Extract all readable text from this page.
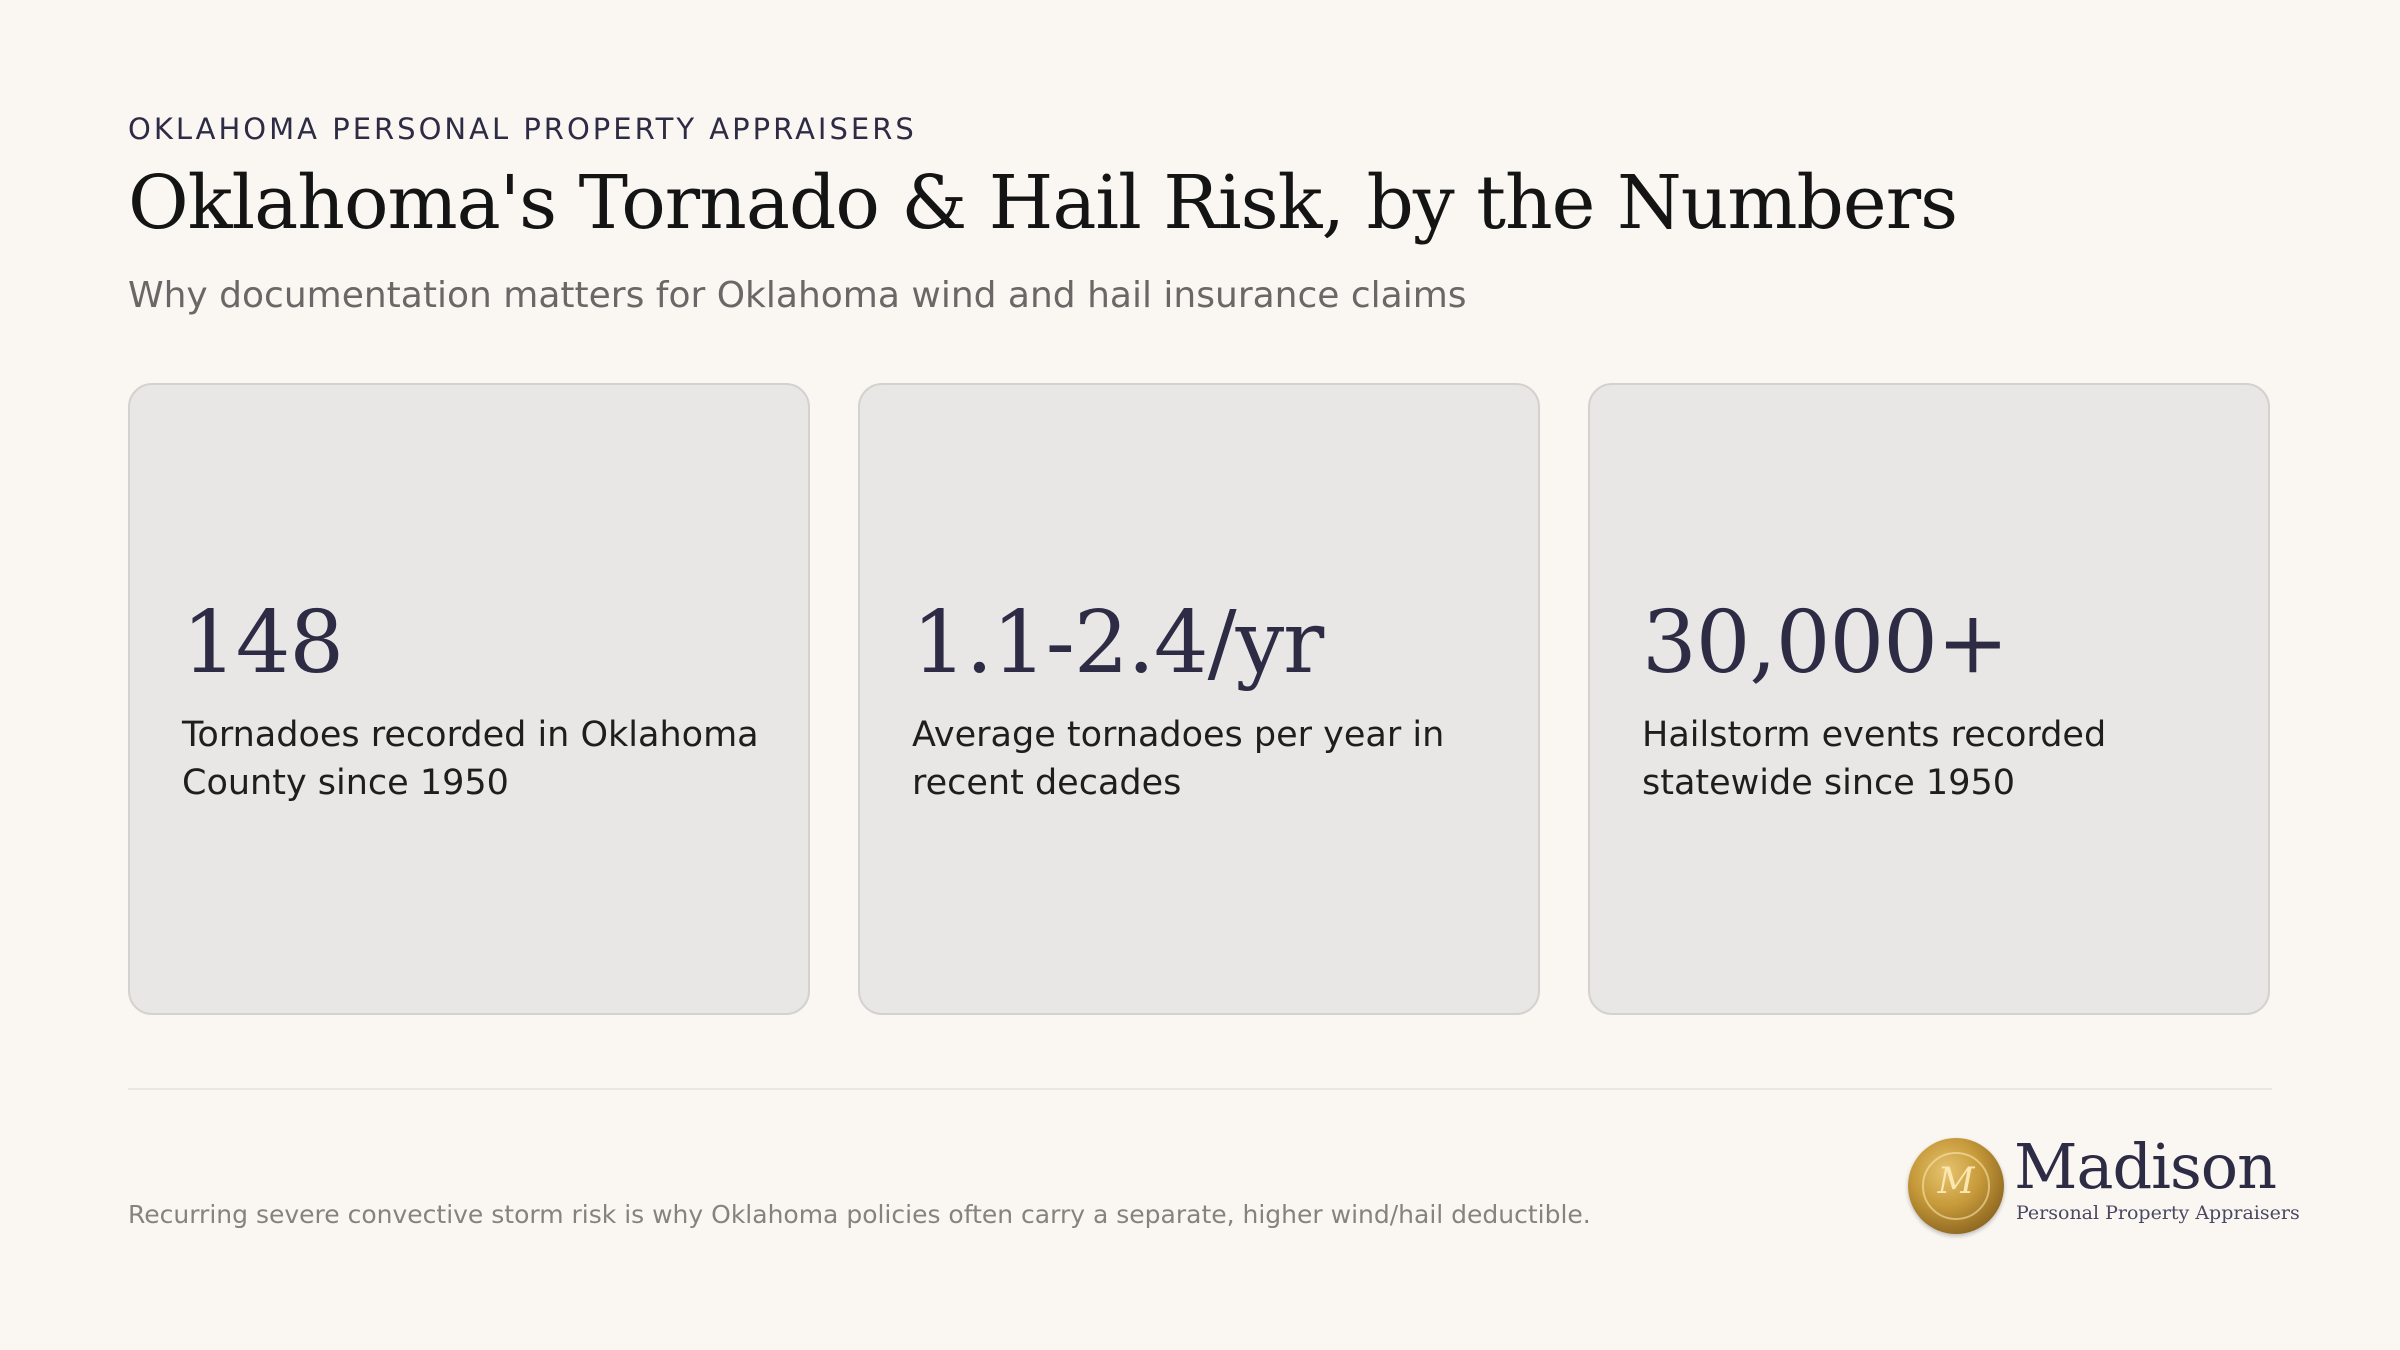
OKLAHOMA PERSONAL PROPERTY APPRAISERS
Oklahoma's Tornado & Hail Risk, by the Numbers
Why documentation matters for Oklahoma wind and hail insurance claims
148
Tornadoes recorded in Oklahoma County since 1950
1.1-2.4/yr
Average tornadoes per year in recent decades
30,000+
Hailstorm events recorded statewide since 1950
Recurring severe convective storm risk is why Oklahoma policies often carry a separate, higher wind/hail deductible.
M Madison
Personal Property Appraisers
